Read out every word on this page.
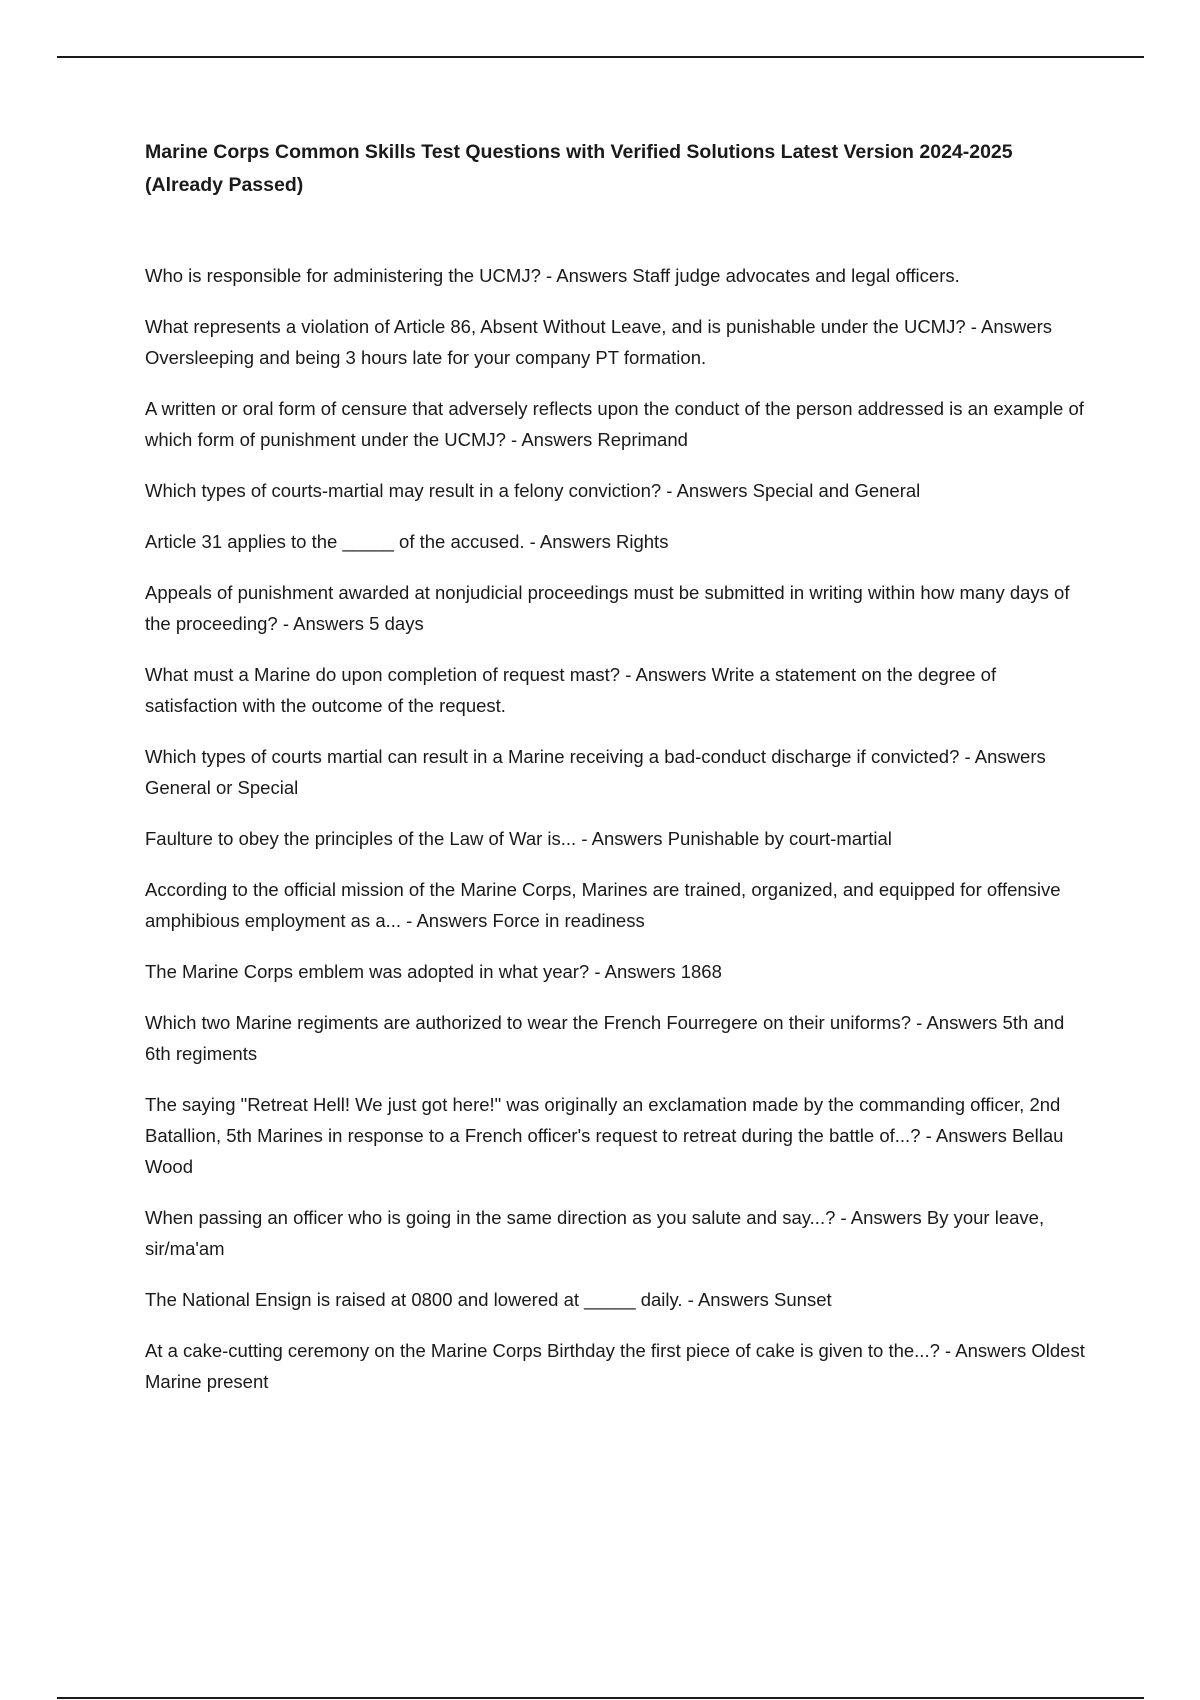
Marine Corps Common Skills Test Questions with Verified Solutions Latest Version 2024-2025 (Already Passed)
Who is responsible for administering the UCMJ? - Answers Staff judge advocates and legal officers.
What represents a violation of Article 86, Absent Without Leave, and is punishable under the UCMJ? - Answers Oversleeping and being 3 hours late for your company PT formation.
A written or oral form of censure that adversely reflects upon the conduct of the person addressed is an example of which form of punishment under the UCMJ? - Answers Reprimand
Which types of courts-martial may result in a felony conviction? - Answers Special and General
Article 31 applies to the _____ of the accused. - Answers Rights
Appeals of punishment awarded at nonjudicial proceedings must be submitted in writing within how many days of the proceeding? - Answers 5 days
What must a Marine do upon completion of request mast? - Answers Write a statement on the degree of satisfaction with the outcome of the request.
Which types of courts martial can result in a Marine receiving a bad-conduct discharge if convicted? - Answers General or Special
Faulture to obey the principles of the Law of War is... - Answers Punishable by court-martial
According to the official mission of the Marine Corps, Marines are trained, organized, and equipped for offensive amphibious employment as a... - Answers Force in readiness
The Marine Corps emblem was adopted in what year? - Answers 1868
Which two Marine regiments are authorized to wear the French Fourregere on their uniforms? - Answers 5th and 6th regiments
The saying "Retreat Hell! We just got here!" was originally an exclamation made by the commanding officer, 2nd Batallion, 5th Marines in response to a French officer's request to retreat during the battle of...? - Answers Bellau Wood
When passing an officer who is going in the same direction as you salute and say...? - Answers By your leave, sir/ma'am
The National Ensign is raised at 0800 and lowered at _____ daily. - Answers Sunset
At a cake-cutting ceremony on the Marine Corps Birthday the first piece of cake is given to the...? - Answers Oldest Marine present
